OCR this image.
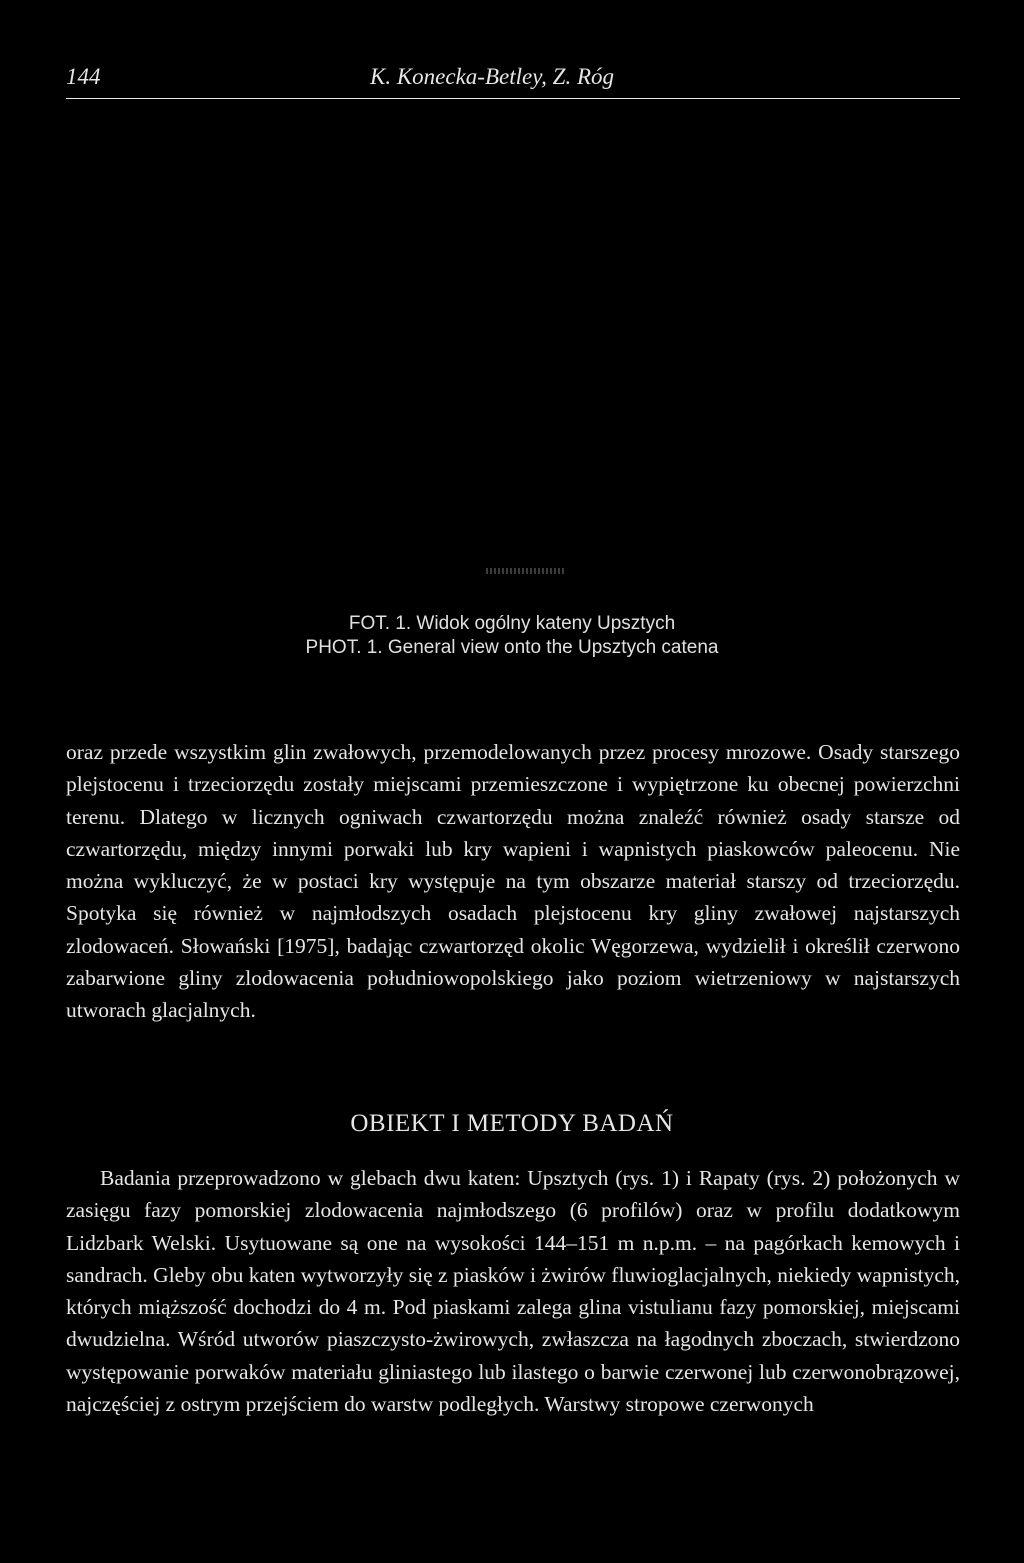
144	K. Konecka-Betley, Z. Róg
FOT. 1. Widok ogólny kateny Upsztych
PHOT. 1. General view onto the Upsztych catena
oraz przede wszystkim glin zwałowych, przemodelowanych przez procesy mrozowe. Osady starszego plejstocenu i trzeciorzędu zostały miejscami przemieszczone i wypiętrzone ku obecnej powierzchni terenu. Dlatego w licznych ogniwach czwartorzędu można znaleźć również osady starsze od czwartorzędu, między innymi porwaki lub kry wapieni i wapnistych piaskowców paleocenu. Nie można wykluczyć, że w postaci kry występuje na tym obszarze materiał starszy od trzeciorzędu. Spotyka się również w najmłodszych osadach plejstocenu kry gliny zwałowej najstarszych zlodowaceń. Słowański [1975], badając czwartorzęd okolic Węgorzewa, wydzielił i określił czerwono zabarwione gliny zlodowacenia południowopolskiego jako poziom wietrzeniowy w najstarszych utworach glacjalnych.
OBIEKT I METODY BADAŃ
Badania przeprowadzono w glebach dwu katen: Upsztych (rys. 1) i Rapaty (rys. 2) położonych w zasięgu fazy pomorskiej zlodowacenia najmłodszego (6 profilów) oraz w profilu dodatkowym Lidzbark Welski. Usytuowane są one na wysokości 144–151 m n.p.m. – na pagórkach kemowych i sandrach. Gleby obu katen wytworzyły się z piasków i żwirów fluwioglacjalnych, niekiedy wapnistych, których miąższość dochodzi do 4 m. Pod piaskami zalega glina vistulianu fazy pomorskiej, miejscami dwudzielna. Wśród utworów piaszczysto-żwirowych, zwłaszcza na łagodnych zboczach, stwierdzono występowanie porwaków materiału gliniastego lub ilastego o barwie czerwonej lub czerwonobrązowej, najczęściej z ostrym przejściem do warstw podległych. Warstwy stropowe czerwonych
